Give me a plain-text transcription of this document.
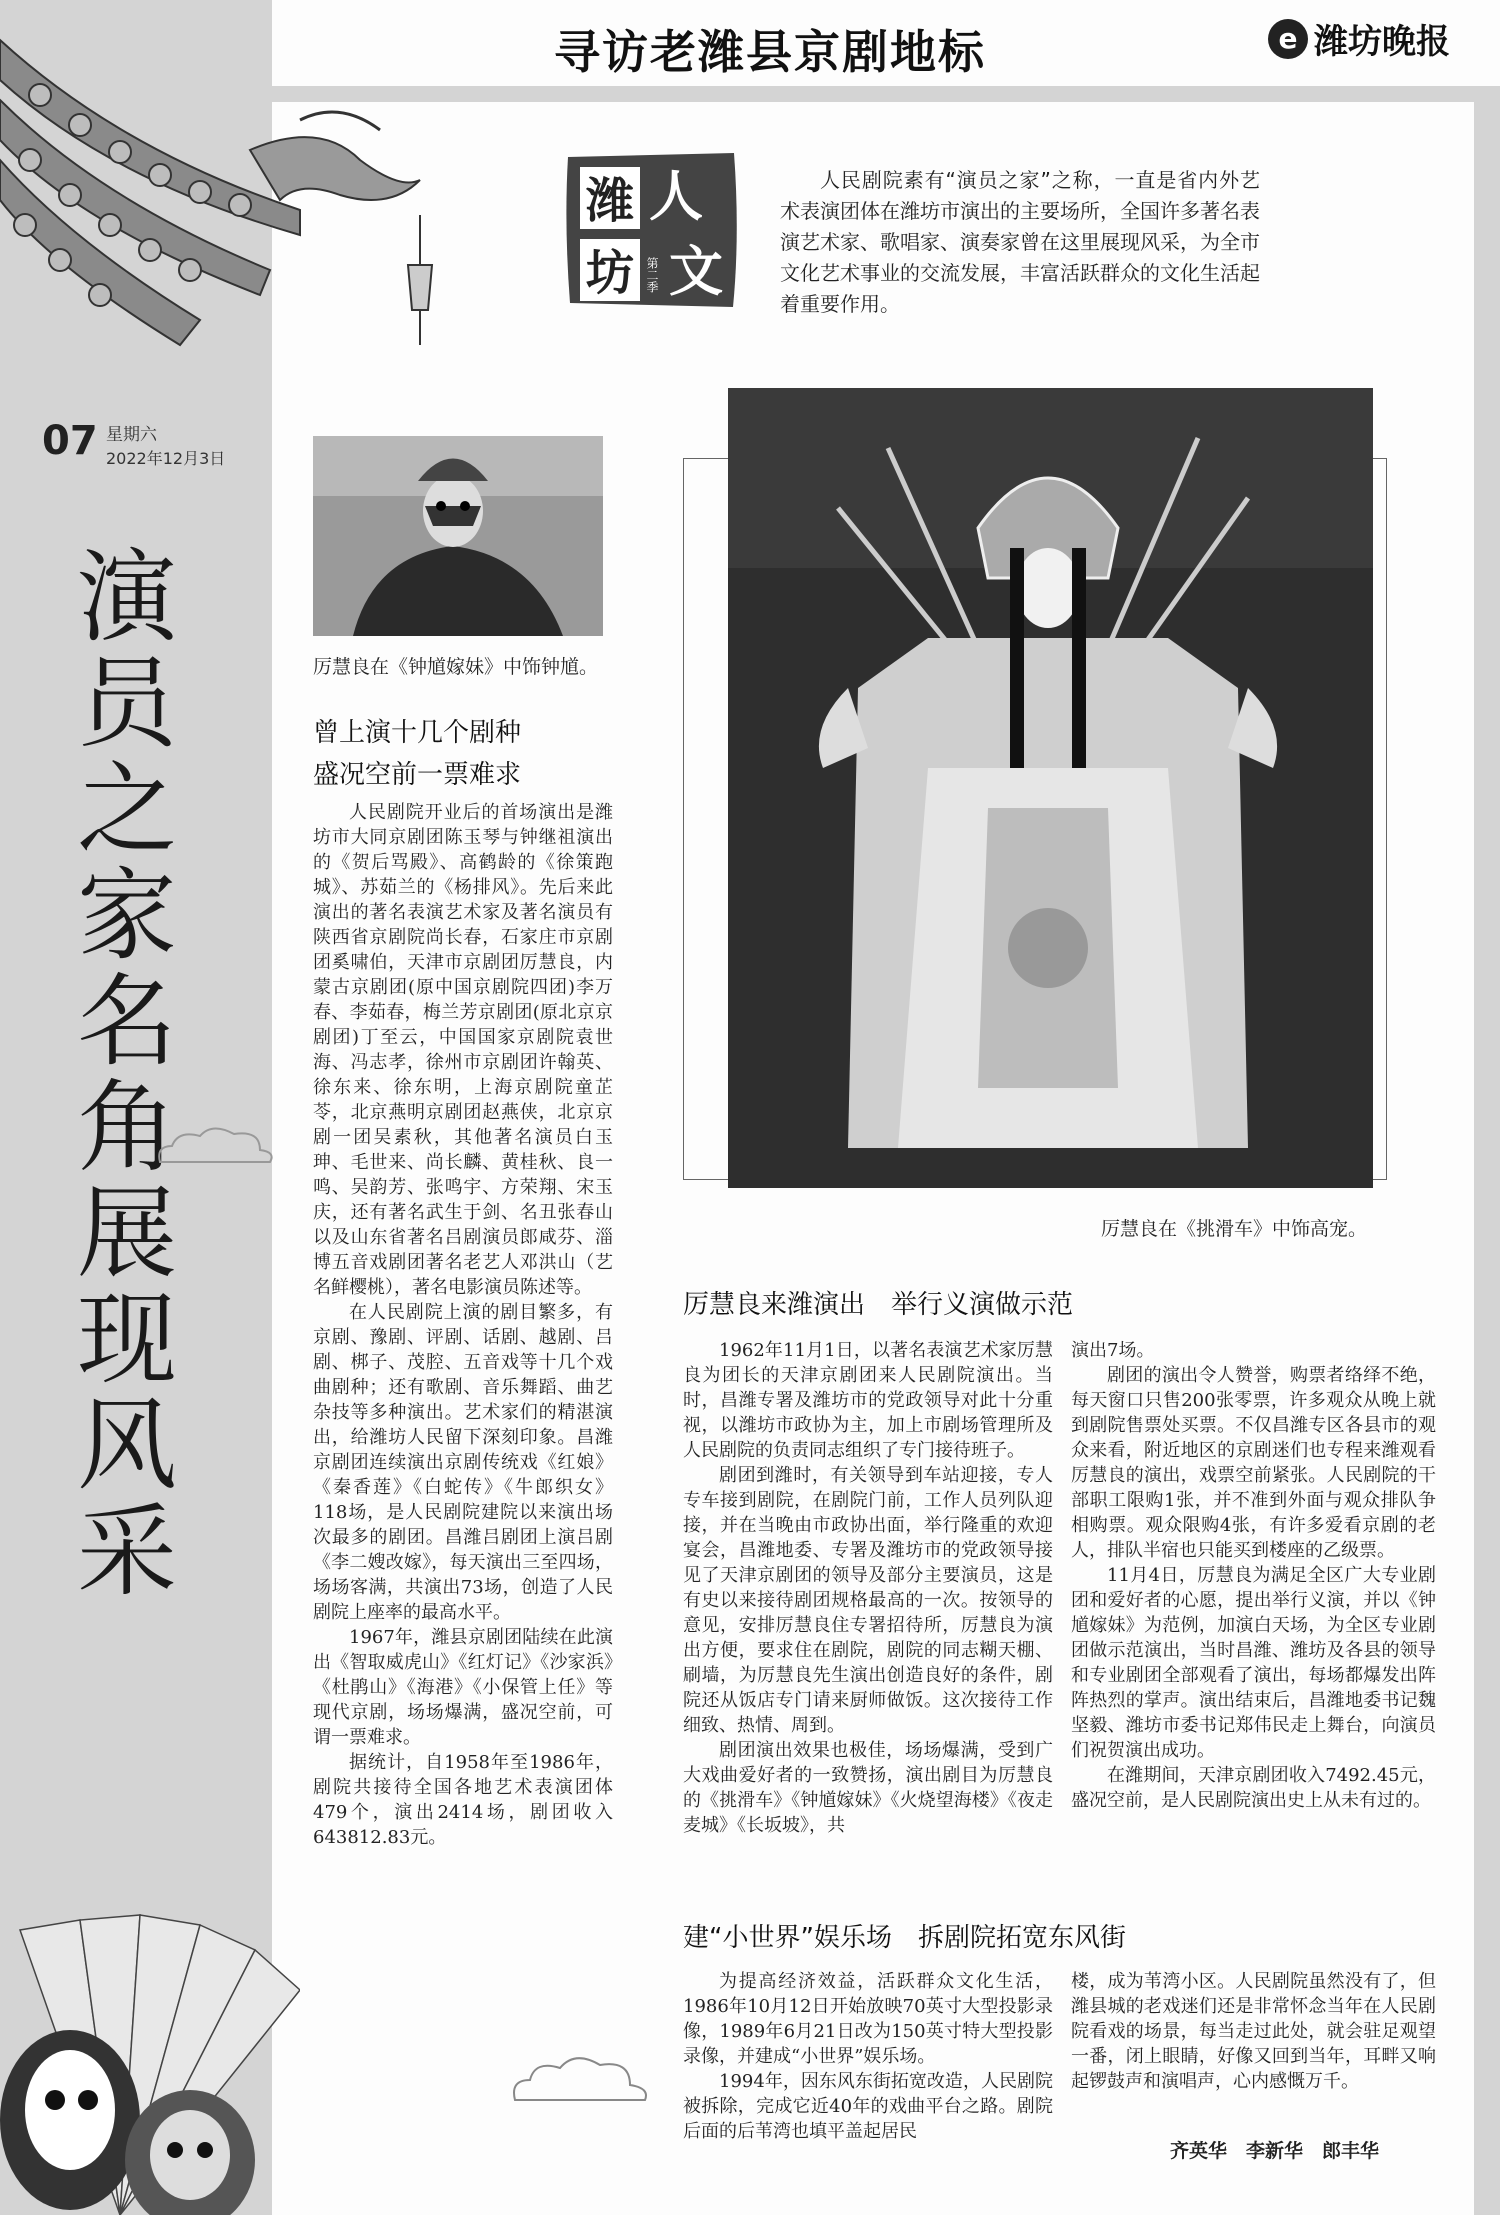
寻访老潍县京剧地标	e 潍坊晚报
07 星期六
2022年12月3日
演
员
之
家
名
角
展
现
风
采
人
文
潍
坊 第二季
人民剧院素有“演员之家”之称，一直是省内外艺术表演团体在潍坊市演出的主要场所，全国许多著名表演艺术家、歌唱家、演奏家曾在这里展现风采，为全市文化艺术事业的交流发展，丰富活跃群众的文化生活起着重要作用。
厉慧良在《钟馗嫁妹》中饰钟馗。
厉慧良在《挑滑车》中饰高宠。
曾上演十几个剧种
盛况空前一票难求

人民剧院开业后的首场演出是潍坊市大同京剧团陈玉琴与钟继祖演出的《贺后骂殿》、高鹤龄的《徐策跑城》、苏茹兰的《杨排风》。先后来此演出的著名表演艺术家及著名演员有陕西省京剧院尚长春，石家庄市京剧团奚啸伯，天津市京剧团厉慧良，内蒙古京剧团(原中国京剧院四团)李万春、李茹春，梅兰芳京剧团(原北京京剧团)丁至云，中国国家京剧院袁世海、冯志孝，徐州市京剧团许翰英、徐东来、徐东明，上海京剧院童芷苓，北京燕明京剧团赵燕侠，北京京剧一团吴素秋，其他著名演员白玉珅、毛世来、尚长麟、黄桂秋、良一鸣、吴韵芳、张鸣宇、方荣翔、宋玉庆，还有著名武生于剑、名丑张春山以及山东省著名吕剧演员郎咸芬、淄博五音戏剧团著名老艺人邓洪山（艺名鲜樱桃），著名电影演员陈述等。

在人民剧院上演的剧目繁多，有京剧、豫剧、评剧、话剧、越剧、吕剧、梆子、茂腔、五音戏等十几个戏曲剧种；还有歌剧、音乐舞蹈、曲艺杂技等多种演出。艺术家们的精湛演出，给潍坊人民留下深刻印象。昌潍京剧团连续演出京剧传统戏《红娘》《秦香莲》《白蛇传》《牛郎织女》118场，是人民剧院建院以来演出场次最多的剧团。昌潍吕剧团上演吕剧《李二嫂改嫁》，每天演出三至四场，场场客满，共演出73场，创造了人民剧院上座率的最高水平。

1967年，潍县京剧团陆续在此演出《智取威虎山》《红灯记》《沙家浜》《杜鹃山》《海港》《小保管上任》等现代京剧，场场爆满，盛况空前，可谓一票难求。

据统计，自1958年至1986年，剧院共接待全国各地艺术表演团体479个，演出2414场，剧团收入643812.83元。

厉慧良来潍演出　举行义演做示范

1962年11月1日，以著名表演艺术家厉慧良为团长的天津京剧团来人民剧院演出。当时，昌潍专署及潍坊市的党政领导对此十分重视，以潍坊市政协为主，加上市剧场管理所及人民剧院的负责同志组织了专门接待班子。

剧团到潍时，有关领导到车站迎接，专人专车接到剧院，在剧院门前，工作人员列队迎接，并在当晚由市政协出面，举行隆重的欢迎宴会，昌潍地委、专署及潍坊市的党政领导接见了天津京剧团的领导及部分主要演员，这是有史以来接待剧团规格最高的一次。按领导的意见，安排厉慧良住专署招待所，厉慧良为演出方便，要求住在剧院，剧院的同志糊天棚、刷墙，为厉慧良先生演出创造良好的条件，剧院还从饭店专门请来厨师做饭。这次接待工作细致、热情、周到。

剧团演出效果也极佳，场场爆满，受到广大戏曲爱好者的一致赞扬，演出剧目为厉慧良的《挑滑车》《钟馗嫁妹》《火烧望海楼》《夜走麦城》《长坂坡》，共

演出7场。

剧团的演出令人赞誉，购票者络绎不绝，每天窗口只售200张零票，许多观众从晚上就到剧院售票处买票。不仅昌潍专区各县市的观众来看，附近地区的京剧迷们也专程来潍观看厉慧良的演出，戏票空前紧张。人民剧院的干部职工限购1张，并不准到外面与观众排队争相购票。观众限购4张，有许多爱看京剧的老人，排队半宿也只能买到楼座的乙级票。

11月4日，厉慧良为满足全区广大专业剧团和爱好者的心愿，提出举行义演，并以《钟馗嫁妹》为范例，加演白天场，为全区专业剧团做示范演出，当时昌潍、潍坊及各县的领导和专业剧团全部观看了演出，每场都爆发出阵阵热烈的掌声。演出结束后，昌潍地委书记魏坚毅、潍坊市委书记郑伟民走上舞台，向演员们祝贺演出成功。

在潍期间，天津京剧团收入7492.45元，盛况空前，是人民剧院演出史上从未有过的。

建“小世界”娱乐场　拆剧院拓宽东风街

为提高经济效益，活跃群众文化生活，1986年10月12日开始放映70英寸大型投影录像，1989年6月21日改为150英寸特大型投影录像，并建成“小世界”娱乐场。

1994年，因东风东街拓宽改造，人民剧院被拆除，完成它近40年的戏曲平台之路。剧院后面的后苇湾也填平盖起居民

楼，成为苇湾小区。人民剧院虽然没有了，但潍县城的老戏迷们还是非常怀念当年在人民剧院看戏的场景，每当走过此处，就会驻足观望一番，闭上眼睛，好像又回到当年，耳畔又响起锣鼓声和演唱声，心内感慨万千。

齐英华　李新华　郎丰华
